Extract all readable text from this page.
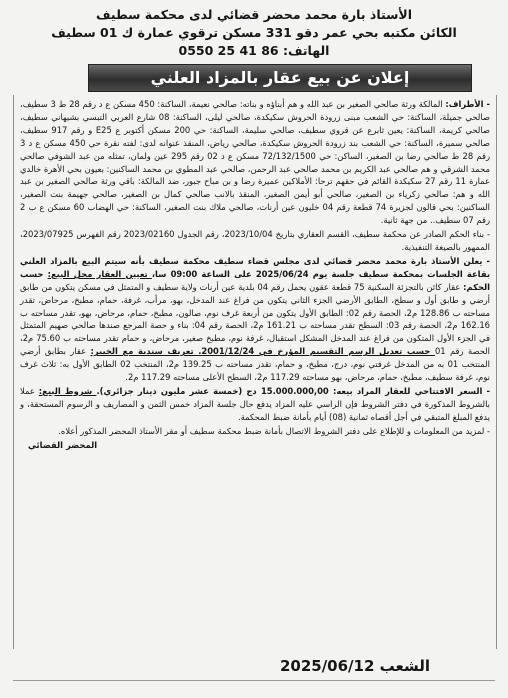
الأستاذ بارة محمد محضر قضائي لدى محكمة سطيف
الكائن مكتبه بحي عمر دقو 331 مسكن ترقوي عمارة ك 01 سطيف
الهاتف: 86 41 25 0550
إعلان عن بيع عقار بالمزاد العلني

- الأطراف: المالكة ورثة صالحي الصغير بن عبد الله و هم أبناؤه و بناته: صالحي نعيمة، الساكنة: 450 مسكن ع د رقم 28 ط 3 سطيف، صالحي جميلة، الساكنة: حي الشعب مبنى زرودة الحروش سكيكدة، صالحي ليلى، الساكنة: 08 شارع العربي التبسي بشيهاني سطيف، صالحي كريمة، الساكنة: يعين ثابرع عن قروي سطيف، صالحي سليمة، الساكنة: حي 200 مسكن أكتوبر ع E25 و رقم 917 سطيف، صالحي سميرة، الساكنة: حي الشعب بند زرودة الحروش سكيكدة، صالحي رياض، المنقذ عنوانه لدى: لفته نقرة حي 450 مسكن ع د 3 رقم 28 ط صالحي رضا بن الصغير، الساكن: حي 72/132/1500 مسكن ع د 02 رقم 295 عين ولمان، تمثله من عبد الشوفي صالحي محمد الشرقي و هم صالحي عبد الكريم بن محمد صالحي عبد الرحمن، صالحي عبد المطوي بن محمد الساكنين: بعيون بحي الأهرة خالدي عمارة 11 رقم 27 سكيكدة القائم في حقهم ترحا: الأملاكين عميرة رضا و بن مباح جبور، ضد المالكة: باقي ورثة صالحي الصغير بن عبد الله و هم: صالحي زكرياء بن الصغير، صالحي أبو أيمن الصغير، المنقذ بالانب صالحي كمال بن الصغير، صالحي جهيمة بنت الصغير، الساكنين: بحي قالون لجزيرة 74 قطعة رقم 04 خليون عين أرنات، صالحي ملاك بنت الصغير، الساكنة: حي الهضاب 60 مسكن ع ب 2 رقم 07 سطيف.. من جهة ثانية.

- بناء الحكم الصادر عن محكمة سطيف، القسم العقاري بتاريخ 2023/10/04، رقم الجدول 2023/02160 رقم الفهرس 2023/07925، الممهور بالصيغة التنفيذية.

- يعلن الأستاذ بارة محمد محضر قضائي لدى مجلس قضاء سطيف محكمة سطيف بأنه سيتم البيع بالمزاد العلني بقاعة الجلسات بمحكمة سطيف جلسة يوم 2025/06/24 على الساعة 09:00 سا، تعيين العقار محل البيع: حسب الحكم: عقار كائن بالتجزئة السكنية 75 قطعة عقون يحمل رقم 04 بلدية عين أرنات ولاية سطيف و المتمثل في مسكن يتكون من طابق أرضي و طابق أول و سطح، الطابق الأرضي الجزء الثاني يتكون من فراغ عند المدخل، بهو، مرأب، غرفة، حمام، مطبخ، مرحاض، تقدر مساحته ب 128.86 م2، الحصة رقم 02: الطابق الأول يتكون من أربعة غرف نوم، صالون، مطبخ، حمام، مرحاض، بهو، تقدر مساحته ب 162.16 م2، الحصة رقم 03: السطح تقدر مساحته ب 161.21 م2، الحصة رقم 04: بناء و حصة المرجع صندها صالحي صهيم المتمثل في الجزء الأول المتكون من فراغ عند المدخل المشكل استقبال، غرفة نوم، مطبخ صغير، مرحاض، و حمام تقدر مساحته ب 75.60 م2، الحصة رقم 01 حسب تعديل الرسم التقسيم المؤرخ في 2001/12/24. تعريف سندية مع الخبير: عقار بطابق أرضي المنتخب 01 به من المدخل غرفتي نوم، درج، مطبخ، و حمام، تقدر مساحته ب 139.25 م2، المنتخب 02 الطابق الأول به: ثلاث غرف نوم، غرفة سطيف، مطبخ، حمام، مرحاض، بهو مساحته 117.29 م2، السطح الأعلى مساحته 117.29 م2.

- السعر الافتتاحي للعقار المراد بيعه: 15.000.000,00 دج (خمسة عشر مليون دينار جزائري). شروط البيع: عملا بالشروط المذكورة في دفتر الشروط فإن الراسي عليه المزاد يدفع حال جلسة المزاد خمس الثمن و المصاريف و الرسوم المستحقة، و يدفع المبلغ المتبقي في أجل أقصاه ثمانية (08) أيام بأمانة ضبط المحكمة.

- لمزيد من المعلومات و للإطلاع على دفتر الشروط الاتصال بأمانة ضبط محكمة سطيف أو مقر الأستاذ المحضر المذكور أعلاه.

المحضر القضائي

الشعب 2025/06/12
